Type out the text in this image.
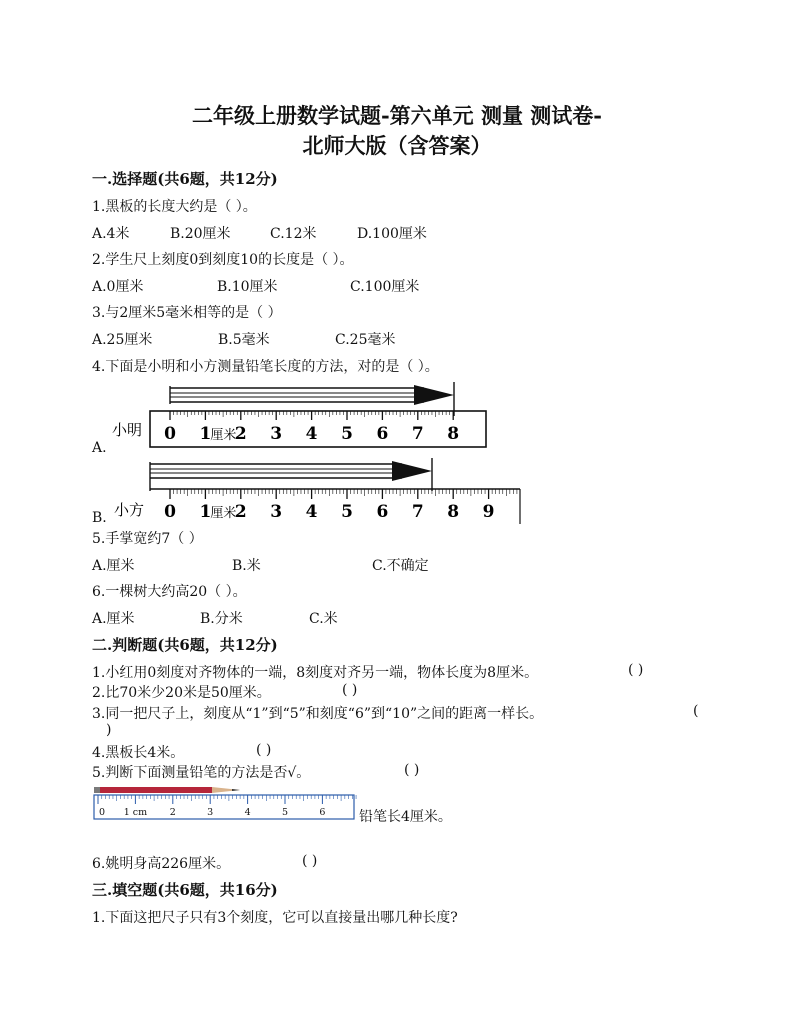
二年级上册数学试题-第六单元 测量 测试卷-
北师大版（含答案）
一.选择题(共6题，共12分)
1.黑板的长度大约是（ ）。
A.4米	B.20厘米	C.12米	D.100厘米
2.学生尺上刻度0到刻度10的长度是（ ）。
A.0厘米	B.10厘米	C.100厘米
3.与2厘米5毫米相等的是（ ）
A.25厘米	B.5毫米	C.25毫米
4.下面是小明和小方测量铅笔长度的方法，对的是（ ）。
小明 0 1 2 3 4 5 6 7 8
厘米
小方 0 1 2 3 4 5 6 7 8 9
厘米
A.
B.
5.手掌宽约7（ ）
A.厘米	B.米	C.不确定
6.一棵树大约高20（ ）。
A.厘米	B.分米	C.米
二.判断题(共6题，共12分)
1.小红用0刻度对齐物体的一端，8刻度对齐另一端，物体长度为8厘米。	( )
2.比70米少20米是50厘米。	( )
3.同一把尺子上，刻度从“1”到“5”和刻度“6”到“10”之间的距离一样长。	(
)
4.黑板长4米。	( )
5.判断下面测量铅笔的方法是否√。	( )
0 1 cm 2	3	4	5	6 铅笔长4厘米。
6.姚明身高226厘米。	( )
三.填空题(共6题，共16分)
1.下面这把尺子只有3个刻度，它可以直接量出哪几种长度?
